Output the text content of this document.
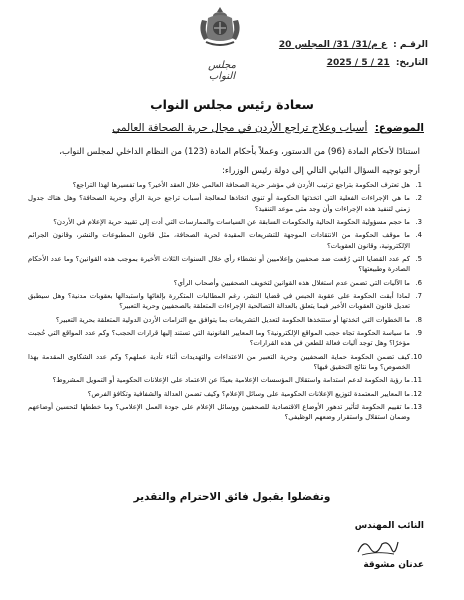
مجلس النواب
الرقـم : ع م/31/ 31/ المجلس 20
التاريخ: 21 / 5 / 2025
سعادة رئيس مجلس النواب
الموضوع: أسباب وعلاج تراجع الأردن في مجال حرية الصحافة العالمي
استنادًا لأحكام المادة (96) من الدستور، وعملاً بأحكام المادة (123) من النظام الداخلي لمجلس النواب،
أرجو توجيه السؤال النيابي التالي إلى دولة رئيس الوزراء:
1.
هل تعترف الحكومة بتراجع ترتيب الأردن في مؤشر حرية الصحافة العالمي خلال العقد الأخير؟ وما تفسيرها لهذا التراجع؟
2.
ما هي الإجراءات الفعلية التي اتخذتها الحكومة أو تنوي اتخاذها لمعالجة أسباب تراجع حرية الرأي وحرية الصحافة؟ وهل هناك جدول زمني لتنفيذ هذه الإجراءات وأن وجد متى موعد التنفيذ؟
3.
ما حجم مسؤولية الحكومة الحالية والحكومات السابقة عن السياسات والممارسات التي أدت إلى تقييد حرية الإعلام في الأردن؟
4.
ما موقف الحكومة من الانتقادات الموجهة للتشريعات المقيدة لحرية الصحافة، مثل قانون المطبوعات والنشر، وقانون الجرائم الإلكترونية، وقانون العقوبات؟
5.
كم عدد القضايا التي رُفعت ضد صحفيين وإعلاميين أو نشطاء رأي خلال السنوات الثلاث الأخيرة بموجب هذه القوانين؟ وما عدد الأحكام الصادرة وطبيعتها؟
6.
ما الآليات التي تضمن عدم استغلال هذه القوانين لتخويف الصحفيين وأصحاب الرأي؟
7.
لماذا أبقت الحكومة على عقوبة الحبس في قضايا النشر، رغم المطالبات المتكررة بإلغائها واستبدالها بعقوبات مدنية؟ وهل سيطبق تعديل قانون العقوبات الأخير فيما يتعلق بالعدالة التصالحية الإجراءات المتعلقة بالصحفيين وحرية التعبير؟
8.
ما الخطوات التي اتخذتها أو ستتخذها الحكومة لتعديل التشريعات بما يتوافق مع التزامات الأردن الدولية المتعلقة بحرية التعبير؟
9.
ما سياسة الحكومة تجاه حجب المواقع الإلكترونية؟ وما المعايير القانونية التي تستند إليها قرارات الحجب؟ وكم عدد المواقع التي حُجبت مؤخرًا؟ وهل توجد آليات فعالة للطعن في هذه القرارات؟
10.
كيف تضمن الحكومة حماية الصحفيين وحرية التعبير من الاعتداءات والتهديدات أثناء تأدية عملهم؟ وكم عدد الشكاوى المقدمة بهذا الخصوص؟ وما نتائج التحقيق فيها؟
11.
ما رؤية الحكومة لدعم استدامة واستقلال المؤسسات الإعلامية بعيدًا عن الاعتماد على الإعلانات الحكومية أو التمويل المشروط؟
12.
ما المعايير المعتمدة لتوزيع الإعلانات الحكومية على وسائل الإعلام؟ وكيف تضمن العدالة والشفافية وتكافؤ الفرص؟
13.
ما تقييم الحكومة لتأثير تدهور الأوضاع الاقتصادية للصحفيين ووسائل الإعلام على جودة العمل الإعلامي؟ وما خططها لتحسين أوضاعهم وضمان استقلال واستقرار وضعهم الوظيفي؟
وتفضلوا بقبول فائق الاحترام والتقدير
النائب المهندس
عدنان مشوقة
